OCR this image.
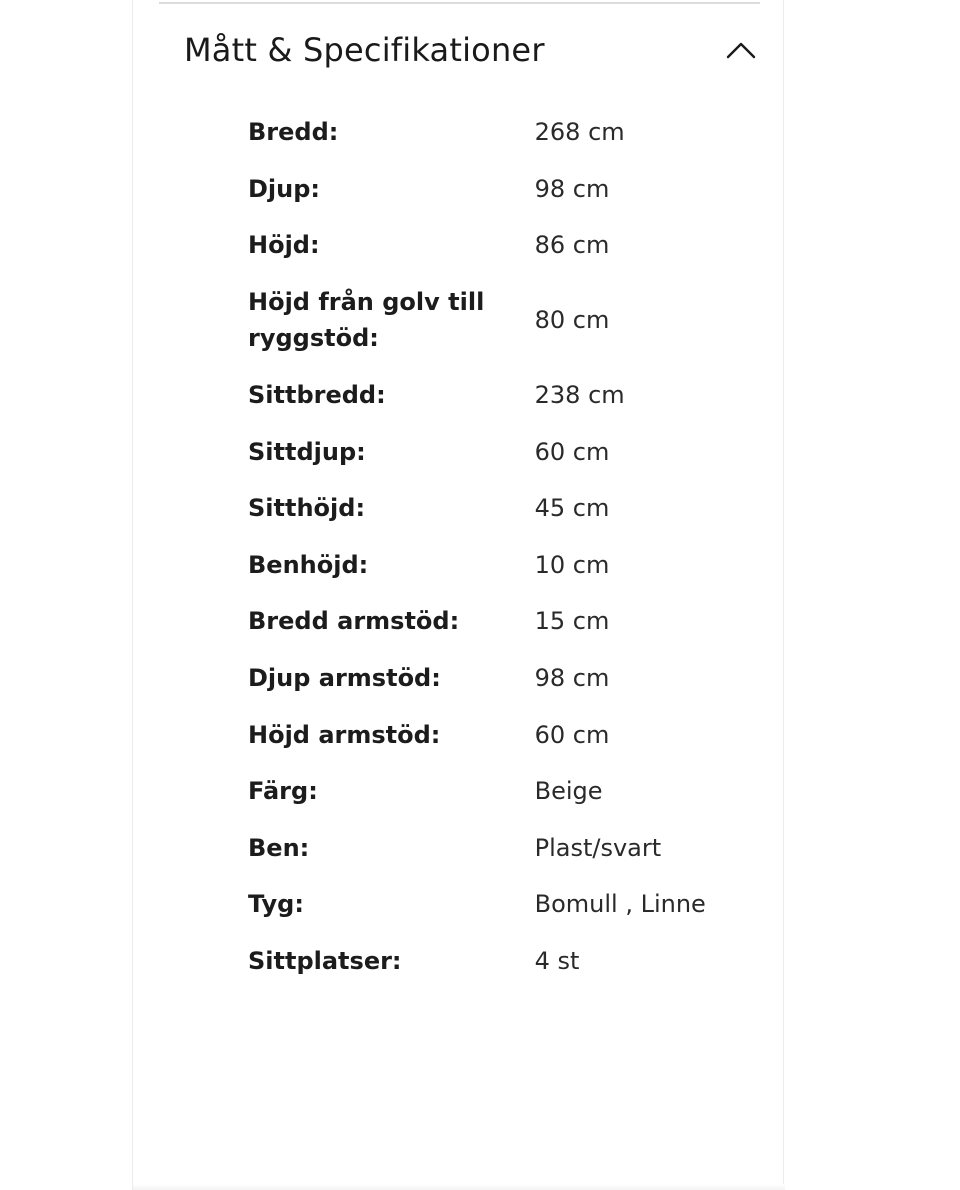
Mått & Specifikationer
Bredd:	268 cm
Djup:	98 cm
Höjd:	86 cm
Höjd från golv till ryggstöd:	80 cm
Sittbredd:	238 cm
Sittdjup:	60 cm
Sitthöjd:	45 cm
Benhöjd:	10 cm
Bredd armstöd:	15 cm
Djup armstöd:	98 cm
Höjd armstöd:	60 cm
Färg:	Beige
Ben:	Plast/svart
Tyg:	Bomull , Linne
Sittplatser:	4 st
